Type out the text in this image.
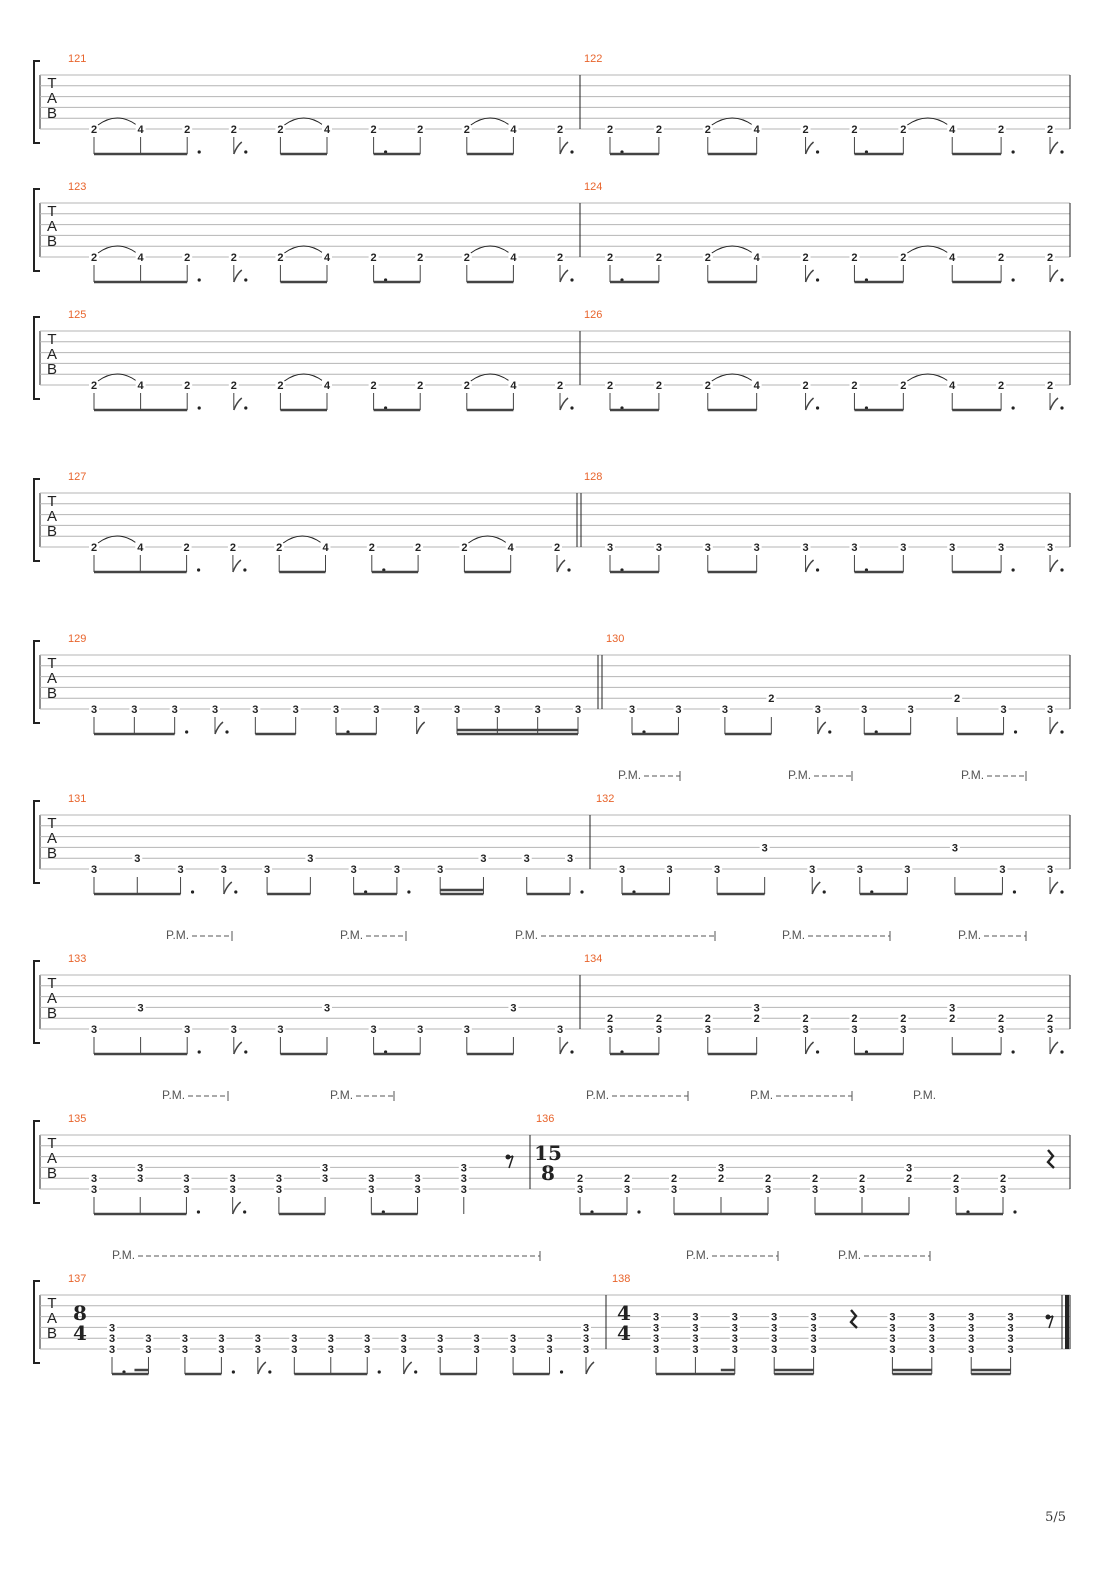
T
A
B
121
2	4	2	2	2	4	2	2	2	4	2
122
2	2	2	4	2	2	2	4	2	2
T
A
B
123
2	4	2	2	2	4	2	2	2	4	2
124
2	2	2	4	2	2	2	4	2	2
T
A
B
125
2	4	2	2	2	4	2	2	2	4	2
126
2	2	2	4	2	2	2	4	2	2
T
A
B
127
2	4	2	2	2	4	2	2	2	4	2
128
3	3	3	3	3	3	3	3	3	3
T
A
B
129
3	3	3	3	3	3	3	3	3	3	3	3	3
130
3	3	3
2
3	3	3
2
3	3
T
A
B
P.M.	P.M.	P.M.
131
3
3
3	3	3
3
3	3	3
3	3	3
132
3	3	3
3
3	3	3
3
3	3
T
A
B
P.M.	P.M.	P.M.	P.M.	P.M.
133
3
3
3	3	3
3
3	3	3
3
3
134
3
2
3
2
3
2	2
3
3
2
3
2
3
2	2
3
3
2
3
2
T
A
B
P.M.	P.M.	P.M.	P.M.	P.M.
135
3
3	3
3
3
3
3
3
3
3	3
3
3
3
3
3
3
3
3
136
15
8
3
2
3
2
3
2	2
3
3
2
3
2
3
2	2
3
3
2
3
2
T
A
B
P.M.	P.M.	P.M.
137
8
4
3
3
3
3
3
3
3
3
3
3
3
3
3
3
3
3
3
3
3
3
3
3
3
3
3
3
3
3
3
3
138
4
4
3
3
3
3
3
3
3
3
3
3
3
3
3
3
3
3
3
3
3
3
3
3
3
3
3
3
3
3
3
3
3
3
3
3
3
3
5/5
